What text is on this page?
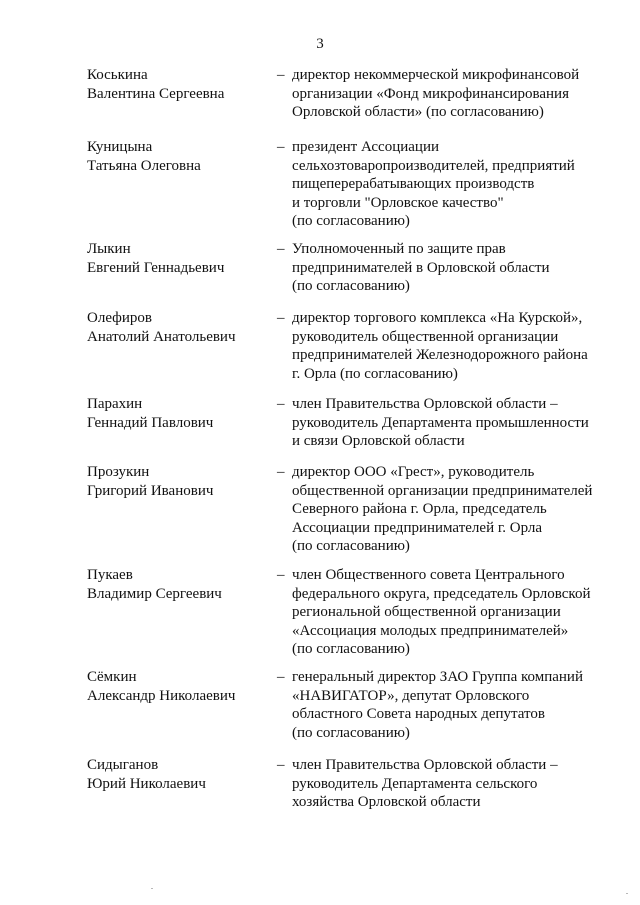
3
Коськина
Валентина Сергеевна
– директор некоммерческой микрофинансовой
организации «Фонд микрофинансирования
Орловской области» (по согласованию)
Куницына
Татьяна Олеговна
– президент Ассоциации
сельхозтоваропроизводителей, предприятий
пищеперерабатывающих производств
и торговли "Орловское качество"
(по согласованию)
Лыкин
Евгений Геннадьевич
– Уполномоченный по защите прав
предпринимателей в Орловской области
(по согласованию)
Олефиров
Анатолий Анатольевич
– директор торгового комплекса «На Курской»,
руководитель общественной организации
предпринимателей Железнодорожного района
г. Орла (по согласованию)
Парахин
Геннадий Павлович
– член Правительства Орловской области –
руководитель Департамента промышленности
и связи Орловской области
Прозукин
Григорий Иванович
– директор ООО «Грест», руководитель
общественной организации предпринимателей
Северного района г. Орла, председатель
Ассоциации предпринимателей г. Орла
(по согласованию)
Пукаев
Владимир Сергеевич
– член Общественного совета Центрального
федерального округа, председатель Орловской
региональной общественной организации
«Ассоциация молодых предпринимателей»
(по согласованию)
Сёмкин
Александр Николаевич
– генеральный директор ЗАО Группа компаний
«НАВИГАТОР», депутат Орловского
областного Совета народных депутатов
(по согласованию)
Сидыганов
Юрий Николаевич
– член Правительства Орловской области –
руководитель Департамента сельского
хозяйства Орловской области
